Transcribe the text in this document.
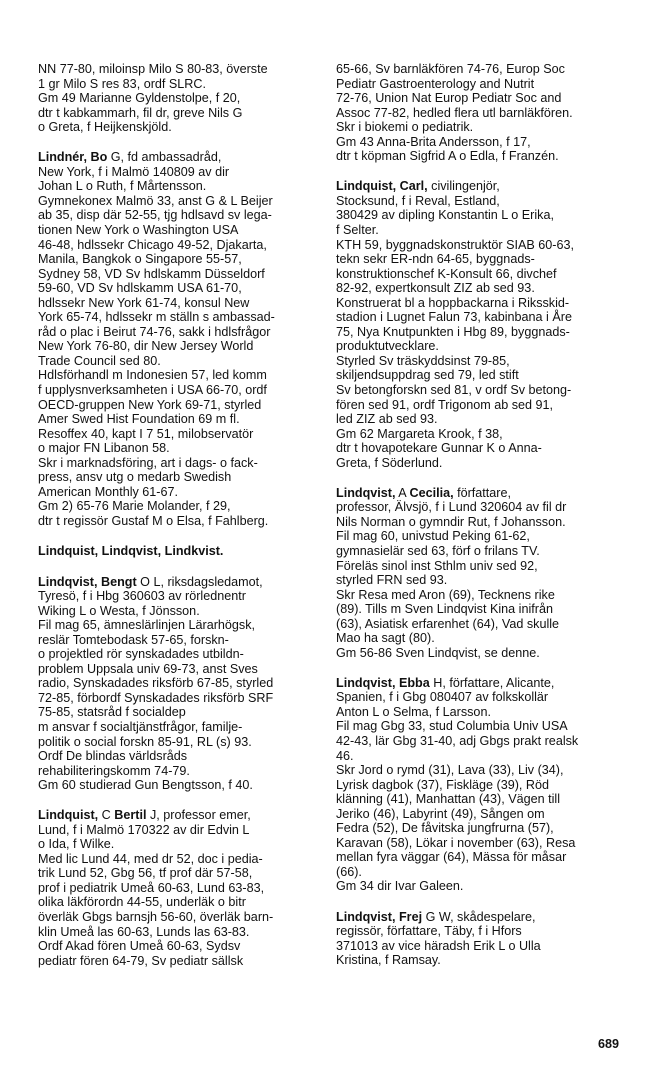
NN 77-80, miloinsp Milo S 80-83, överste
1 gr Milo S res 83, ordf SLRC.
Gm 49 Marianne Gyldenstolpe, f 20,
dtr t kabkammarh, fil dr, greve Nils G
o Greta, f Heijkenskjöld.
Lindnér, Bo G, fd ambassadråd,
New York, f i Malmö 140809 av dir
Johan L o Ruth, f Mårtensson.
Gymnekonex Malmö 33, anst G & L Beijer
ab 35, disp där 52-55, tjg hdlsavd sv lega-
tionen New York o Washington USA
46-48, hdlssekr Chicago 49-52, Djakarta,
Manila, Bangkok o Singapore 55-57,
Sydney 58, VD Sv hdlskamm Düsseldorf
59-60, VD Sv hdlskamm USA 61-70,
hdlssekr New York 61-74, konsul New
York 65-74, hdlssekr m ställn s ambassad-
råd o plac i Beirut 74-76, sakk i hdlsfrågor
New York 76-80, dir New Jersey World
Trade Council sed 80.
Hdlsförhandl m Indonesien 57, led komm
f upplysnverksamheten i USA 66-70, ordf
OECD-gruppen New York 69-71, styrled
Amer Swed Hist Foundation 69 m fl.
Resoffex 40, kapt I 7 51, milobservatör
o major FN Libanon 58.
Skr i marknadsföring, art i dags- o fack-
press, ansv utg o medarb Swedish
American Monthly 61-67.
Gm 2) 65-76 Marie Molander, f 29,
dtr t regissör Gustaf M o Elsa, f Fahlberg.
Lindquist, Lindqvist, Lindkvist.
Lindqvist, Bengt O L, riksdagsledamot,
Tyresö, f i Hbg 360603 av rörlednentr
Wiking L o Westa, f Jönsson.
Fil mag 65, ämneslärlinjen Lärarhögsk,
reslär Tomtebodask 57-65, forskn-
o projektled rör synskadades utbildn-
problem Uppsala univ 69-73, anst Sves
radio, Synskadades riksförb 67-85, styrled
72-85, förbordf Synskadades riksförb SRF
75-85, statsråd f socialdep
m ansvar f socialtjänstfrågor, familje-
politik o social forskn 85-91, RL (s) 93.
Ordf De blindas världsråds
rehabiliteringskomm 74-79.
Gm 60 studierad Gun Bengtsson, f 40.
Lindquist, C Bertil J, professor emer,
Lund, f i Malmö 170322 av dir Edvin L
o Ida, f Wilke.
Med lic Lund 44, med dr 52, doc i pedia-
trik Lund 52, Gbg 56, tf prof där 57-58,
prof i pediatrik Umeå 60-63, Lund 63-83,
olika läkförordn 44-55, underläk o bitr
överläk Gbgs barnsjh 56-60, överläk barn-
klin Umeå las 60-63, Lunds las 63-83.
Ordf Akad fören Umeå 60-63, Sydsv
pediatr fören 64-79, Sv pediatr sällsk
65-66, Sv barnläkfören 74-76, Europ Soc
Pediatr Gastroenterology and Nutrit
72-76, Union Nat Europ Pediatr Soc and
Assoc 77-82, hedled flera utl barnläkfören.
Skr i biokemi o pediatrik.
Gm 43 Anna-Brita Andersson, f 17,
dtr t köpman Sigfrid A o Edla, f Franzén.
Lindquist, Carl, civilingenjör,
Stocksund, f i Reval, Estland,
380429 av dipling Konstantin L o Erika,
f Selter.
KTH 59, byggnadskonstruktör SIAB 60-63,
tekn sekr ER-ndn 64-65, byggnads-
konstruktionschef K-Konsult 66, divchef
82-92, expertkonsult ZIZ ab sed 93.
Konstruerat bl a hoppbackarna i Riksskid-
stadion i Lugnet Falun 73, kabinbana i Åre
75, Nya Knutpunkten i Hbg 89, byggnads-
produktutvecklare.
Styrled Sv träskyddsinst 79-85,
skiljendsuppdrag sed 79, led stift
Sv betongforskn sed 81, v ordf Sv betong-
fören sed 91, ordf Trigonom ab sed 91,
led ZIZ ab sed 93.
Gm 62 Margareta Krook, f 38,
dtr t hovapotekare Gunnar K o Anna-
Greta, f Söderlund.
Lindqvist, A Cecilia, författare,
professor, Älvsjö, f i Lund 320604 av fil dr
Nils Norman o gymndir Rut, f Johansson.
Fil mag 60, univstud Peking 61-62,
gymnasielär sed 63, förf o frilans TV.
Föreläs sinol inst Sthlm univ sed 92,
styrled FRN sed 93.
Skr Resa med Aron (69), Tecknens rike
(89). Tills m Sven Lindqvist Kina inifrån
(63), Asiatisk erfarenhet (64), Vad skulle
Mao ha sagt (80).
Gm 56-86 Sven Lindqvist, se denne.
Lindqvist, Ebba H, författare, Alicante,
Spanien, f i Gbg 080407 av folkskollär
Anton L o Selma, f Larsson.
Fil mag Gbg 33, stud Columbia Univ USA
42-43, lär Gbg 31-40, adj Gbgs prakt realsk
46.
Skr Jord o rymd (31), Lava (33), Liv (34),
Lyrisk dagbok (37), Fiskläge (39), Röd
klänning (41), Manhattan (43), Vägen till
Jeriko (46), Labyrint (49), Sången om
Fedra (52), De fåvitska jungfrurna (57),
Karavan (58), Lökar i november (63), Resa
mellan fyra väggar (64), Mässa för måsar
(66).
Gm 34 dir Ivar Galeen.
Lindqvist, Frej G W, skådespelare,
regissör, författare, Täby, f i Hfors
371013 av vice häradsh Erik L o Ulla
Kristina, f Ramsay.
689
